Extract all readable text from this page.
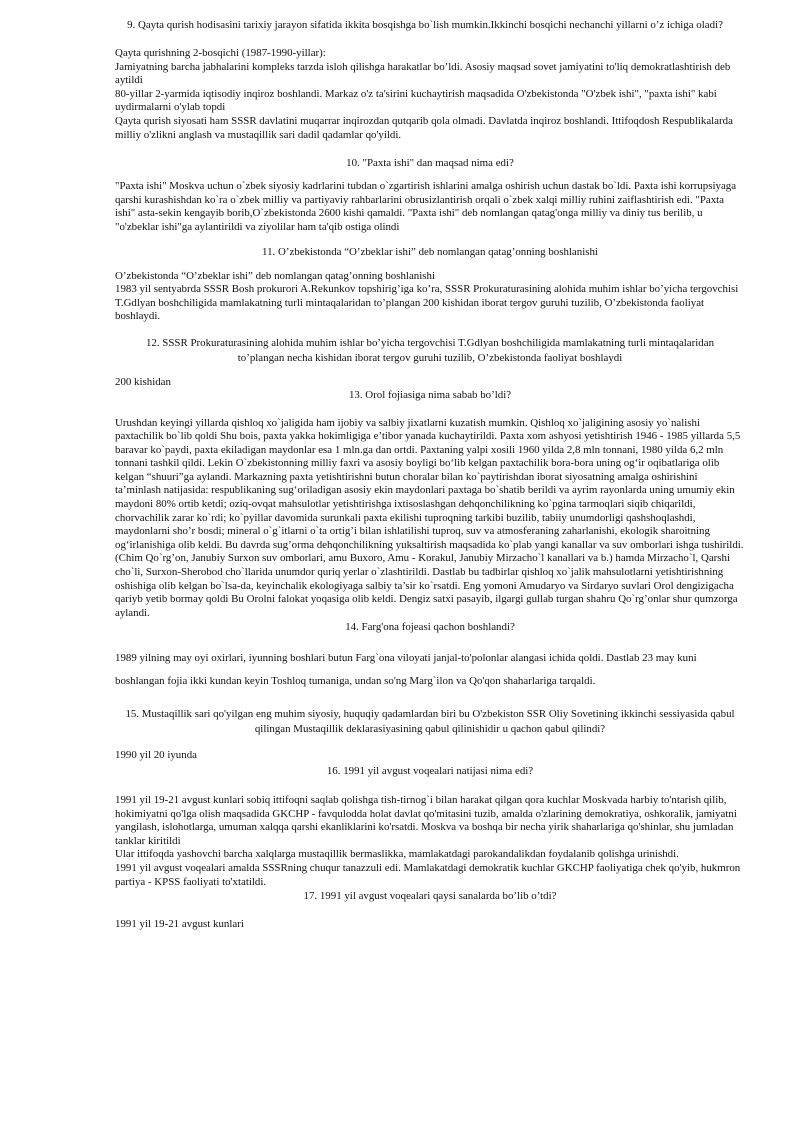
9. Qayta qurish hodisasini tarixiy jarayon sifatida ikkita bosqishga bo`lish mumkin.Ikkinchi bosqichi nechanchi yillarni o’z ichiga oladi?

Qayta qurishning 2-bosqichi (1987-1990-yillar):
Jamiyatning barcha jabhalarini kompleks tarzda isloh qilishga harakatlar bo’ldi. Asosiy maqsad sovet jamiyatini to'liq demokratlashtirish deb aytildi
80-yillar 2-yarmida iqtisodiy inqiroz boshlandi. Markaz o'z ta'sirini kuchaytirish maqsadida O'zbekistonda "O'zbek ishi", "paxta ishi" kabi uydirmalarni o'ylab topdi
Qayta qurish siyosati ham SSSR davlatini muqarrar inqirozdan qutqarib qola olmadi. Davlatda inqiroz boshlandi. Ittifoqdosh Respublikalarda milliy o'zlikni anglash va mustaqillik sari dadil qadamlar qo'yildi.

10. "Paxta ishi" dan maqsad nima edi?

"Paxta ishi" Moskva uchun o`zbek siyosiy kadrlarini tubdan o`zgartirish ishlarini amalga oshirish uchun dastak bo`ldi. Paxta ishi korrupsiyaga qarshi kurashishdan ko`ra o`zbek milliy va partiyaviy rahbarlarini obrusizlantirish orqali o`zbek xalqi milliy ruhini zaiflashtirish edi. "Paxta ishi" asta-sekin kengayib borib,O`zbekistonda 2600 kishi qamaldi. "Paxta ishi" deb nomlangan qatag'onga milliy va diniy tus berilib, u "o'zbeklar ishi"ga aylantirildi va ziyolilar ham ta'qib ostiga olindi

11. O’zbekistonda “O’zbeklar ishi” deb nomlangan qatag’onning boshlanishi

O’zbekistonda “O’zbeklar ishi” deb nomlangan qatag’onning boshlanishi
1983 yil sentyabrda SSSR Bosh prokurori A.Rekunkov topshirig’iga ko’ra, SSSR Prokuraturasining alohida muhim ishlar bo’yicha tergovchisi T.Gdlyan boshchiligida mamlakatning turli mintaqalaridan to’plangan 200 kishidan iborat tergov guruhi tuzilib, O’zbekistonda faoliyat boshlaydi.

12. SSSR Prokuraturasining alohida muhim ishlar bo’yicha tergovchisi T.Gdlyan boshchiligida mamlakatning turli mintaqalaridan to’plangan necha kishidan iborat tergov guruhi tuzilib, O’zbekistonda faoliyat boshlaydi

200 kishidan

13. Orol fojiasiga nima sabab bo’ldi?

Urushdan keyingi yillarda qishloq xo`jaligida ham ijobiy va salbiy jixatlarni kuzatish mumkin. Qishloq xo`jaligining asosiy yo`nalishi paxtachilik bo`lib qoldi Shu bois, paxta yakka hokimligiga e’tibor yanada kuchaytirildi. Paxta xom ashyosi yetishtirish 1946 - 1985 yillarda 5,5 baravar ko`paydi, paxta ekiladigan maydonlar esa 1 mln.ga dan ortdi. Paxtaning yalpi xosili 1960 yilda 2,8 mln tonnani, 1980 yilda 6,2 mln tonnani tashkil qildi. Lekin O`zbekistonning milliy faxri va asosiy boyligi bo‘lib kelgan paxtachilik bora-bora uning og‘ir oqibatlariga olib kelgan “shuuri”ga aylandi. Markazning paxta yetishtirishni butun choralar bilan ko`paytirishdan iborat siyosatning amalga oshirishini ta’minlash natijasida: respublikaning sug‘oriladigan asosiy ekin maydonlari paxtaga bo`shatib berildi va ayrim rayonlarda uning umumiy ekin maydoni 80% ortib ketdi; oziq-ovqat mahsulotlar yetishtirishga ixtisoslashgan dehqonchilikning ko`pgina tarmoqlari siqib chiqarildi, chorvachilik zarar ko`rdi; ko`pyillar davomida surunkali paxta ekilishi tuproqning tarkibi buzilib, tabiiy unumdorligi qashshoqlashdi, maydonlarni sho’r bosdi; mineral o`g`itlarni o`ta ortig’i bilan ishlatilishi tuproq, suv va atmosferaning zaharlanishi, ekologik sharoitning og‘irlanishiga olib keldi. Bu davrda sug’orma dehqonchilikning yuksaltirish maqsadida ko`plab yangi kanallar va suv omborlari ishga tushirildi. (Chim Qo`rg’on, Janubiy Surxon suv omborlari, amu Buxoro, Amu - Korakul, Janubiy Mirzacho`l kanallari va b.) hamda Mirzacho`l, Qarshi cho`li, Surxon-Sherobod cho`llarida unumdor quriq yerlar o`zlashtirildi. Dastlab bu tadbirlar qishloq xo`jalik mahsulotlarni yetishtirishning oshishiga olib kelgan bo`lsa-da, keyinchalik ekologiyaga salbiy ta’sir ko`rsatdi. Eng yomoni Amudaryo va Sirdaryo suvlari Orol dengizigacha qariyb yetib bormay qoldi Bu Orolni falokat yoqasiga olib keldi. Dengiz satxi pasayib, ilgargi gullab turgan shahru Qo`rg’onlar shur qumzorga aylandi.

14. Farg'ona fojeasi qachon boshlandi?

1989 yilning may oyi oxirlari, iyunning boshlari butun Farg`ona viloyati janjal-to'polonlar alangasi ichida qoldi. Dastlab 23 may kuni boshlangan fojia ikki kundan keyin Toshloq tumaniga, undan so'ng Marg`ilon va Qo'qon shaharlariga tarqaldi.

15. Mustaqillik sari qo'yilgan eng muhim siyosiy, huquqiy qadamlardan biri bu O'zbekiston SSR Oliy Sovetining ikkinchi sessiyasida qabul qilingan Mustaqillik deklarasiyasining qabul qilinishidir u qachon qabul qilindi?

1990 yil 20 iyunda

16. 1991 yil avgust voqealari natijasi nima edi?

1991 yil 19-21 avgust kunlari sobiq ittifoqni saqlab qolishga tish-tirnog`i bilan harakat qilgan qora kuchlar Moskvada harbiy to'ntarish qilib, hokimiyatni qo'lga olish maqsadida GKCHP - favqulodda holat davlat qo'mitasini tuzib, amalda o'zlarining demokratiya, oshkoralik, jamiyatni yangilash, islohotlarga, umuman xalqqa qarshi ekanliklarini ko'rsatdi. Moskva va boshqa bir necha yirik shaharlariga qo'shinlar, shu jumladan tanklar kiritildi
Ular ittifoqda yashovchi barcha xalqlarga mustaqillik bermaslikka, mamlakatdagi parokandalikdan foydalanib qolishga urinishdi.
1991 yil avgust voqealari amalda SSSRning chuqur tanazzuli edi. Mamlakatdagi demokratik kuchlar GKCHP faoliyatiga chek qo'yib, hukmron partiya - KPSS faoliyati to'xtatildi.

17. 1991 yil avgust voqealari qaysi sanalarda bo’lib o’tdi?

1991 yil 19-21 avgust kunlari
